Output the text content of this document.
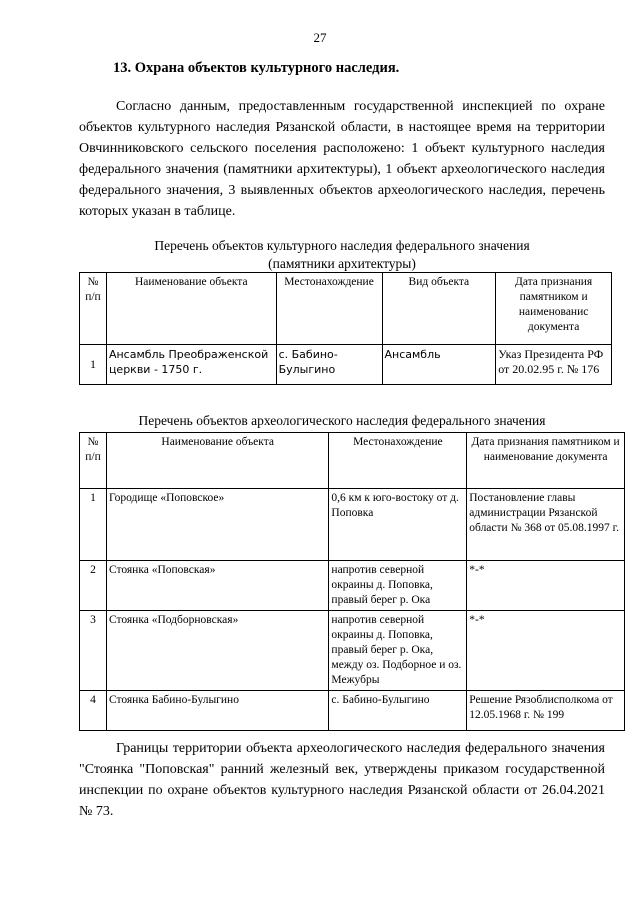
27
13. Охрана объектов культурного наследия.
Согласно данным, предоставленным государственной инспекцией по охране объектов культурного наследия Рязанской области, в настоящее время на территории Овчинниковского сельского поселения расположено: 1 объект культурного наследия федерального значения (памятники архитектуры), 1 объект археологического наследия федерального значения, 3 выявленных объектов археологического наследия, перечень которых указан в таблице.
Перечень объектов культурного наследия федерального значения
(памятники архитектуры)
№ п/п	Наименование объекта	Местонахождение	Вид объекта	Дата признания памятником и наименованис документа
1	Ансамбль Преображенской церкви - 1750 г.	с. Бабино-Булыгино	Ансамбль	Указ Президента РФ от 20.02.95 г. № 176
Перечень объектов археологического наследия федерального значения
№ п/п	Наименование объекта	Местонахождение	Дата признания памятником и наименование документа
1	Городище «Поповское»	0,6 км к юго-востоку от д. Поповка	Постановление главы администрации Рязанской области № 368 от 05.08.1997 г.
2	Стоянка «Поповская»	напротив северной окраины д. Поповка, правый берег р. Ока	*-*
3	Стоянка «Подборновская»	напротив северной окраины д. Поповка, правый берег р. Ока, между оз. Подборное и оз. Межубры	*-*
4	Стоянка Бабино-Булыгино	с. Бабино-Булыгино	Решение Рязоблисполкома от 12.05.1968 г. № 199
Границы территории объекта археологического наследия федерального значения "Стоянка "Поповская" ранний железный век, утверждены приказом государственной инспекции по охране объектов культурного наследия Рязанской области от 26.04.2021 № 73.
